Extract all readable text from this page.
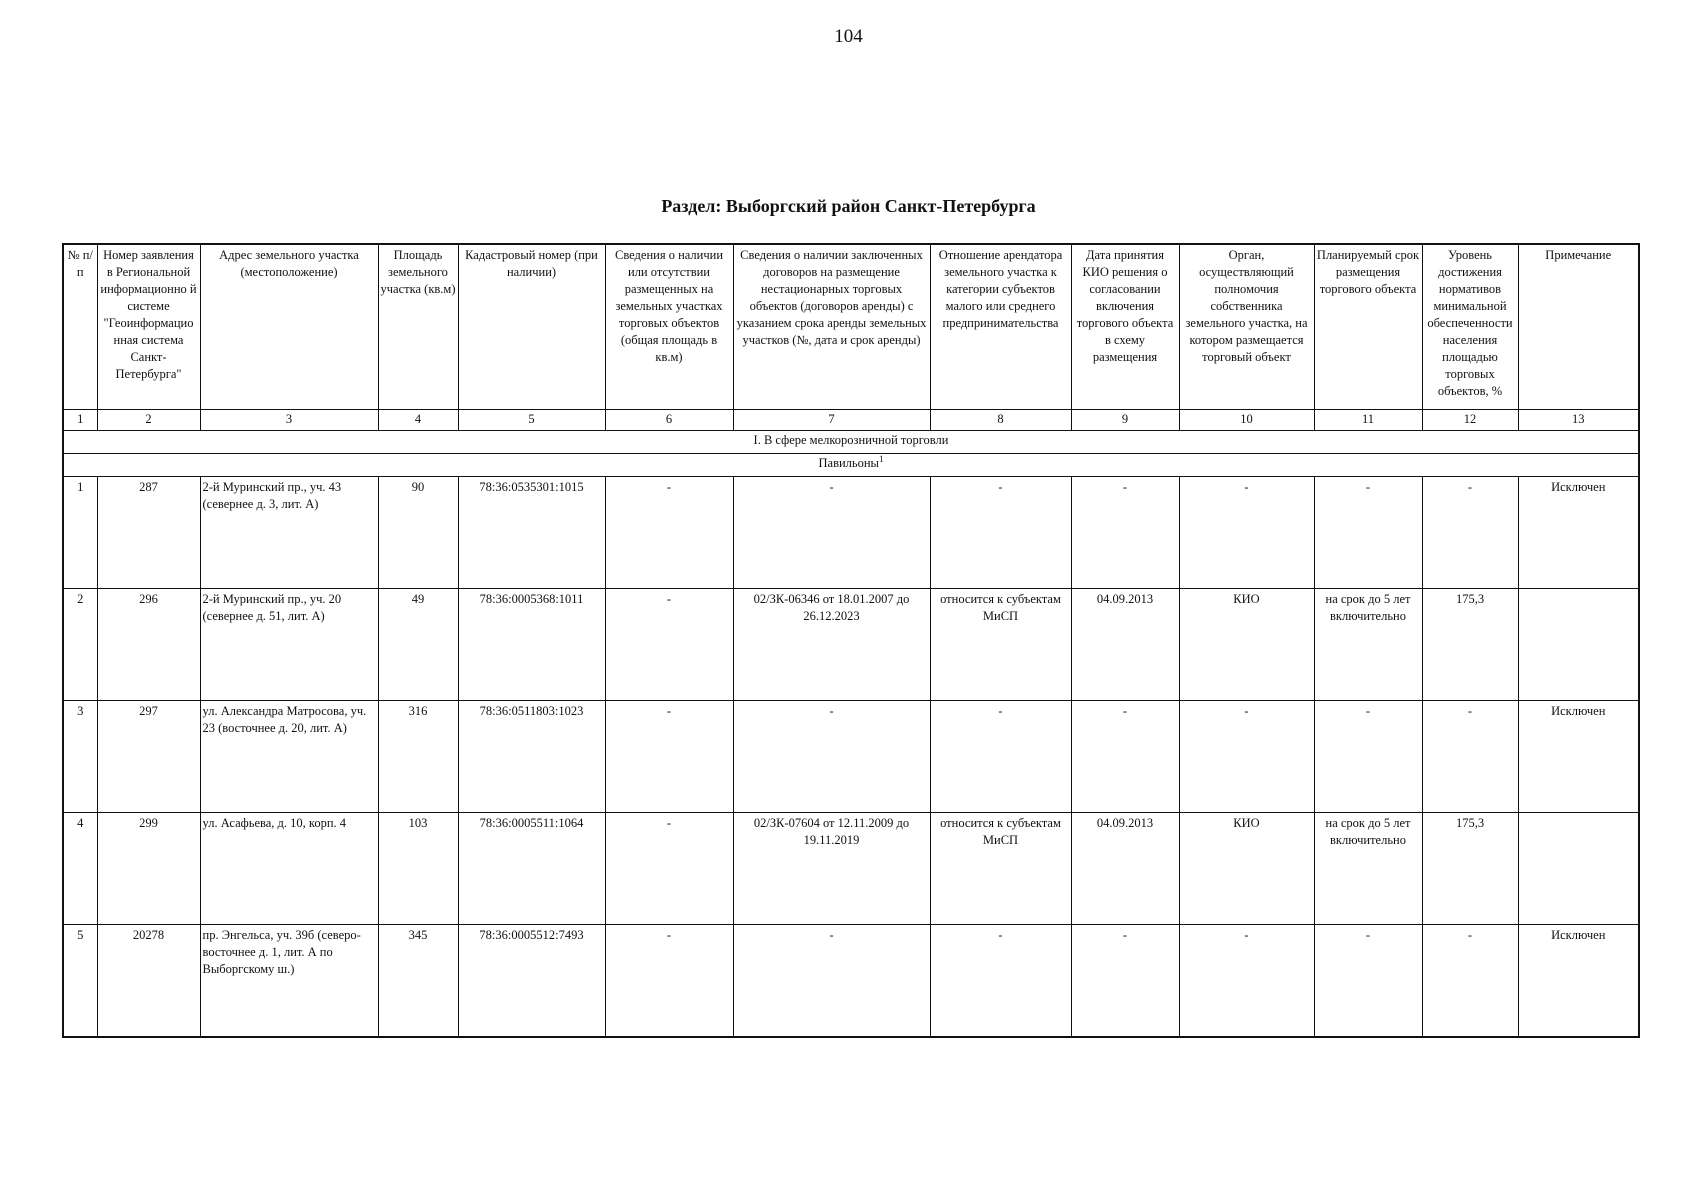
104
Раздел: Выборгский район Санкт-Петербурга
№ п/п	Номер заявления в Региональной информационно й системе "Геоинформацио нная система Санкт-Петербурга"	Адрес земельного участка (местоположение)	Площадь земельного участка (кв.м)	Кадастровый номер (при наличии)	Сведения о наличии или отсутствии размещенных на земельных участках торговых объектов (общая площадь в кв.м)	Сведения о наличии заключенных договоров на размещение нестационарных торговых объектов (договоров аренды) с указанием срока аренды земельных участков (№, дата и срок аренды)	Отношение арендатора земельного участка к категории субъектов малого или среднего предпринимательства	Дата принятия КИО решения о согласовании включения торгового объекта в схему размещения	Орган, осуществляющий полномочия собственника земельного участка, на котором размещается торговый объект	Планируемый срок размещения торгового объекта	Уровень достижения нормативов минимальной обеспеченности населения площадью торговых объектов, %	Примечание
1	2	3	4	5	6	7	8	9	10	11	12	13
I. В сфере мелкорозничной торговли												
Павильоны$^1$
1	287	2-й Муринский пр., уч. 43 (севернее д. 3, лит. А)	90	78:36:0535301:1015	-	-	-	-	-	-	-	Исключен
2	296	2-й Муринский пр., уч. 20 (севернее д. 51, лит. А)	49	78:36:0005368:1011	-	02/ЗК-06346 от 18.01.2007 до 26.12.2023	относится к субъектам МиСП	04.09.2013	КИО	на срок до 5 лет включительно	175,3	
3	297	ул. Александра Матросова, уч. 23 (восточнее д. 20, лит. А)	316	78:36:0511803:1023	-	-	-	-	-	-	-	Исключен
4	299	ул. Асафьева, д. 10, корп. 4	103	78:36:0005511:1064	-	02/ЗК-07604 от 12.11.2009 до 19.11.2019	относится к субъектам МиСП	04.09.2013	КИО	на срок до 5 лет включительно	175,3	
5	20278	пр. Энгельса, уч. 39б (северо-восточнее д. 1, лит. А по Выборгскому ш.)	345	78:36:0005512:7493	-	-	-	-	-	-	-	Исключен
